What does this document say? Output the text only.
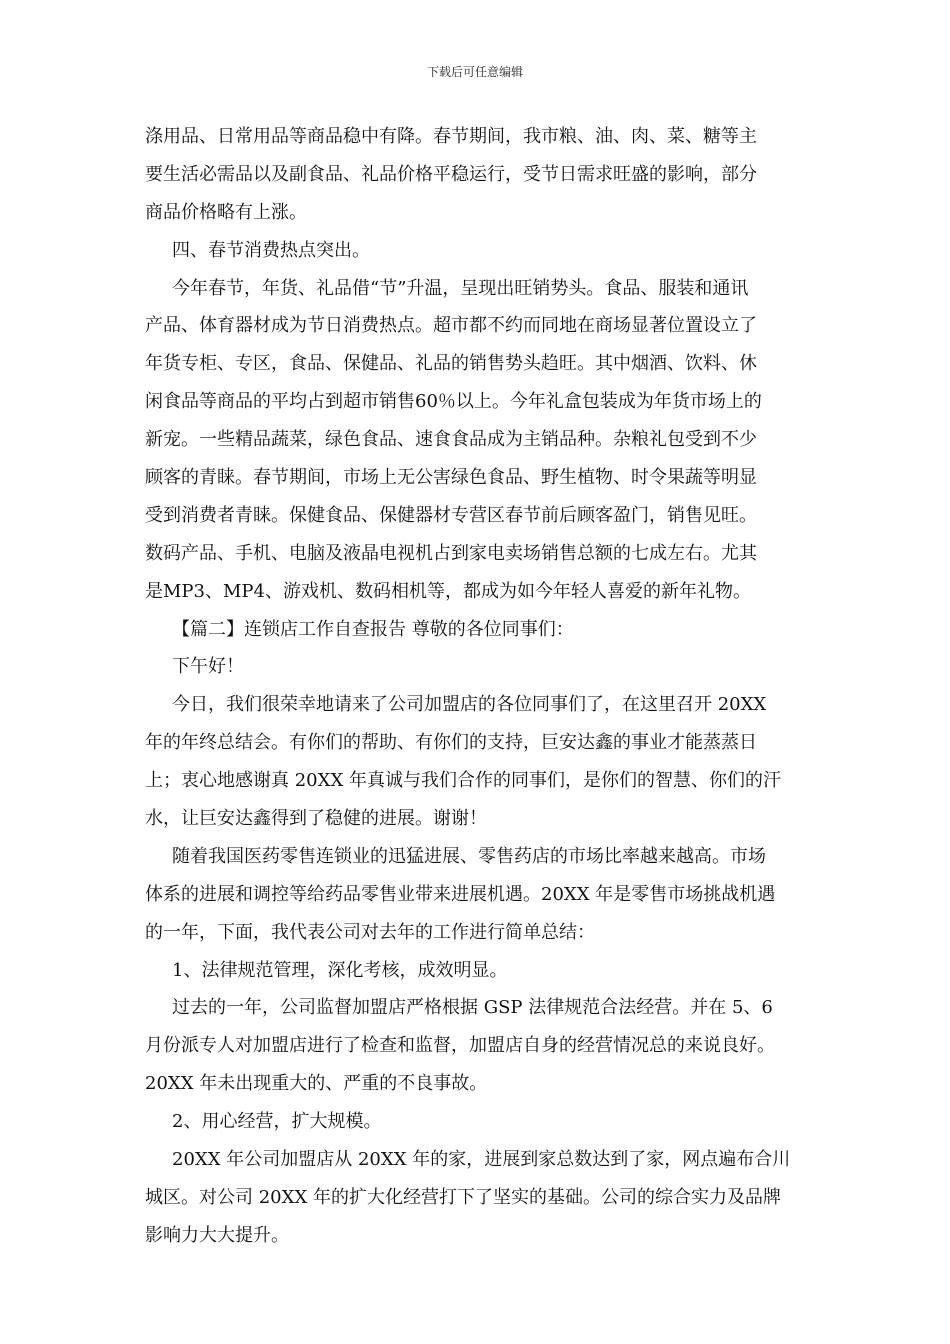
下载后可任意编辑
涤用品、日常用品等商品稳中有降。春节期间，我市粮、油、肉、菜、糖等主
要生活必需品以及副食品、礼品价格平稳运行，受节日需求旺盛的影响，部分
商品价格略有上涨。
四、春节消费热点突出。
今年春节，年货、礼品借“节”升温，呈现出旺销势头。食品、服装和通讯
产品、体育器材成为节日消费热点。超市都不约而同地在商场显著位置设立了
年货专柜、专区，食品、保健品、礼品的销售势头趋旺。其中烟酒、饮料、休
闲食品等商品的平均占到超市销售60％以上。今年礼盒包装成为年货市场上的
新宠。一些精品蔬菜，绿色食品、速食食品成为主销品种。杂粮礼包受到不少
顾客的青睐。春节期间，市场上无公害绿色食品、野生植物、时令果蔬等明显
受到消费者青睐。保健食品、保健器材专营区春节前后顾客盈门，销售见旺。
数码产品、手机、电脑及液晶电视机占到家电卖场销售总额的七成左右。尤其
是MP3、MP4、游戏机、数码相机等，都成为如今年轻人喜爱的新年礼物。
【篇二】连锁店工作自查报告 尊敬的各位同事们：
下午好！
今日，我们很荣幸地请来了公司加盟店的各位同事们了，在这里召开 20XX
年的年终总结会。有你们的帮助、有你们的支持，巨安达鑫的事业才能蒸蒸日
上；衷心地感谢真 20XX 年真诚与我们合作的同事们，是你们的智慧、你们的汗
水，让巨安达鑫得到了稳健的进展。谢谢！
随着我国医药零售连锁业的迅猛进展、零售药店的市场比率越来越高。市场
体系的进展和调控等给药品零售业带来进展机遇。20XX 年是零售市场挑战机遇
的一年，下面，我代表公司对去年的工作进行简单总结：
1、法律规范管理，深化考核，成效明显。
过去的一年，公司监督加盟店严格根据 GSP 法律规范合法经营。并在 5、6
月份派专人对加盟店进行了检查和监督，加盟店自身的经营情况总的来说良好。
20XX 年未出现重大的、严重的不良事故。
2、用心经营，扩大规模。
20XX 年公司加盟店从 20XX 年的家，进展到家总数达到了家，网点遍布合川
城区。对公司 20XX 年的扩大化经营打下了坚实的基础。公司的综合实力及品牌
影响力大大提升。
